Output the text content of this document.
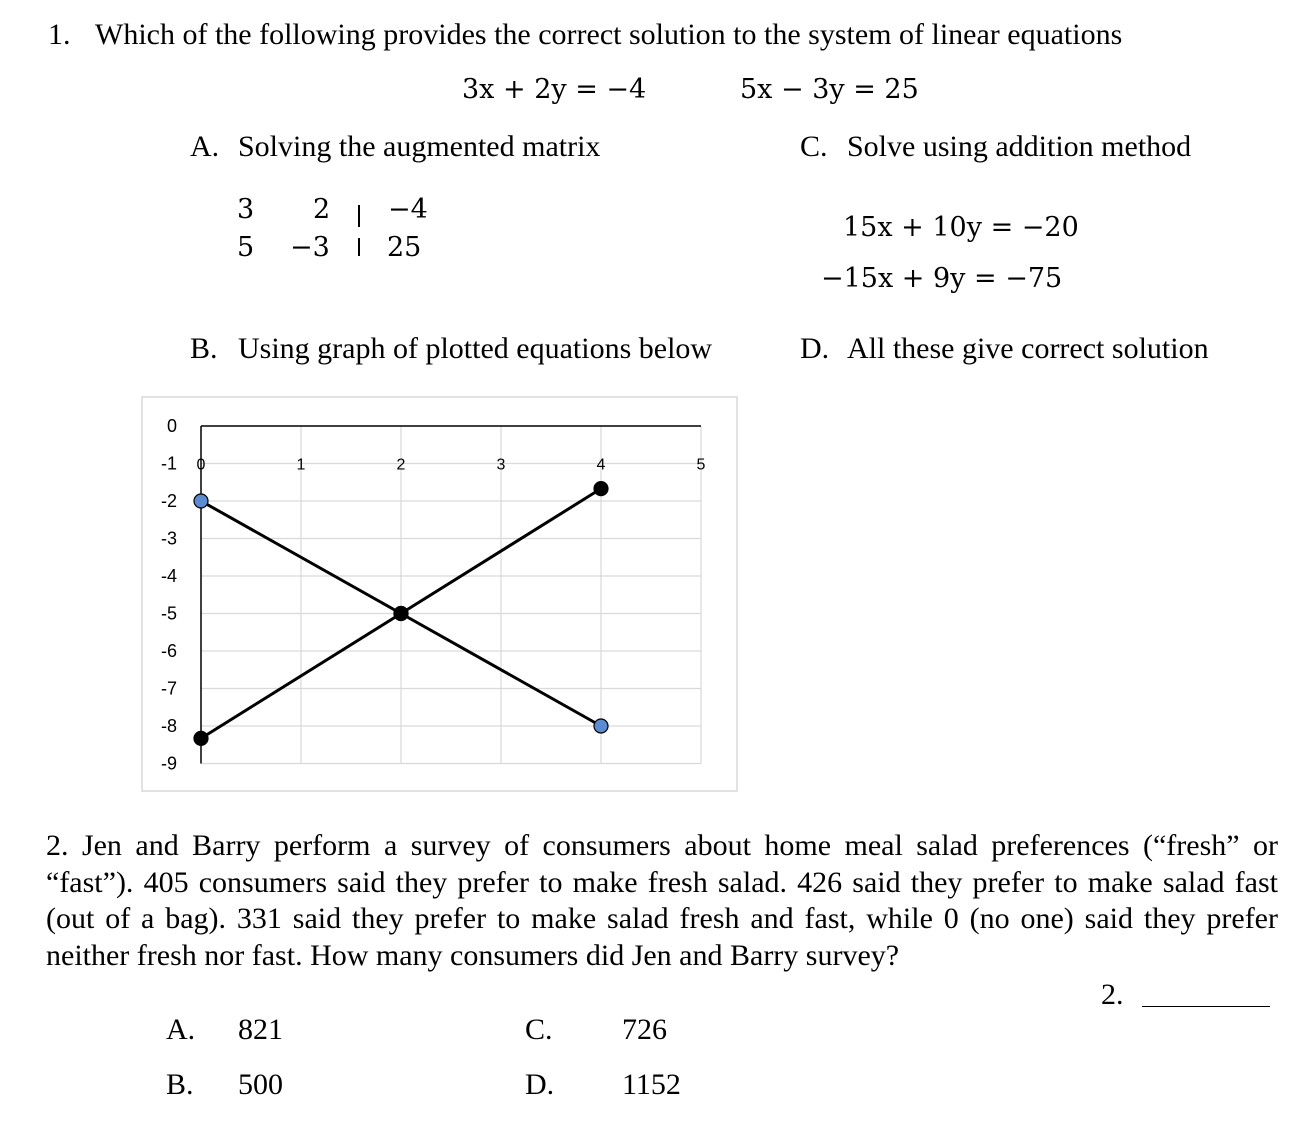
1. Which of the following provides the correct solution to the system of linear equations
3x + 2y = −4	5x − 3y = 25
A. Solving the augmented matrix
3 2 −4
5 −3 25
C. Solve using addition method
15x + 10y = −20
−15x + 9y = −75
B. Using graph of plotted equations below	D. All these give correct solution
0
-1
-2
-3
-4
-5
-6
-7
-8
-9
0	1	2	3	4	5
2. Jen and Barry perform a survey of consumers about home meal salad preferences (“fresh” or “fast”). 405 consumers said they prefer to make fresh salad. 426 said they prefer to make salad fast (out of a bag). 331 said they prefer to make salad fresh and fast, while 0 (no one) said they prefer neither fresh nor fast. How many consumers did Jen and Barry survey?
2.
A. 821
B. 500
C. 726
D. 1152
